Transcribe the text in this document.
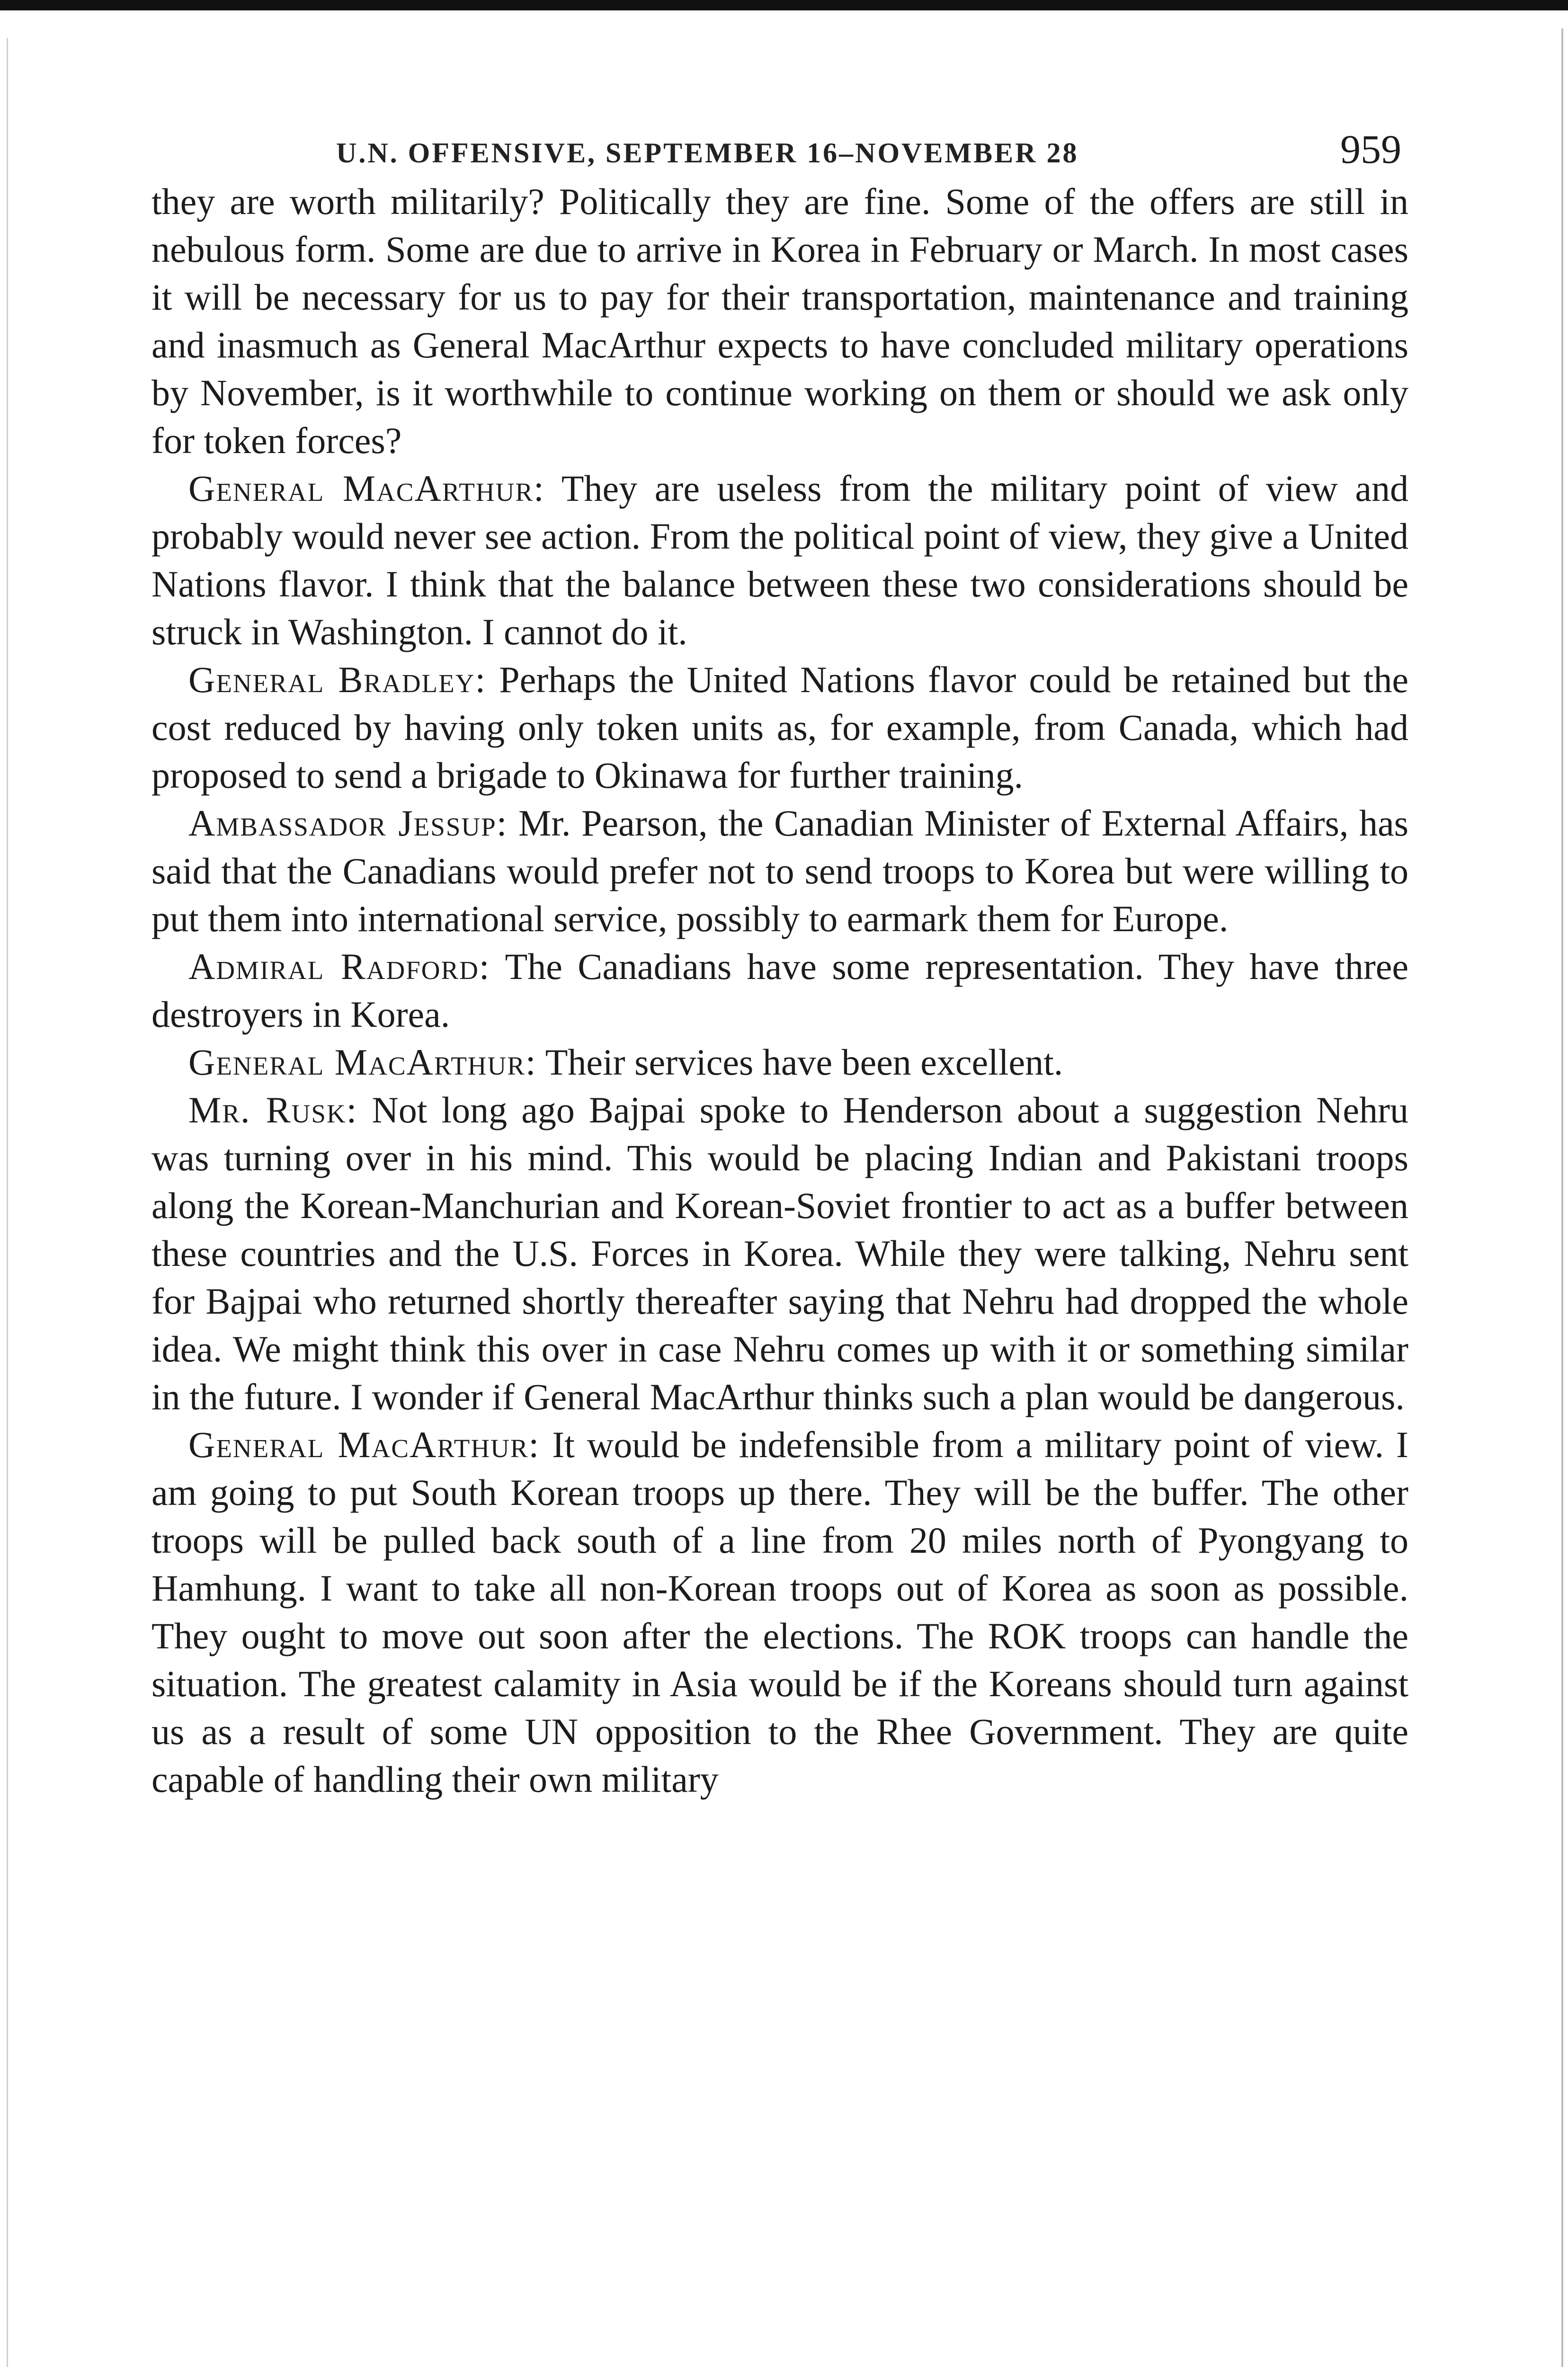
U.N. OFFENSIVE, SEPTEMBER 16–NOVEMBER 28	959

they are worth militarily? Politically they are fine. Some of the offers are still in nebulous form. Some are due to arrive in Korea in February or March. In most cases it will be necessary for us to pay for their transportation, maintenance and training and inasmuch as General MacArthur expects to have concluded military operations by November, is it worthwhile to continue working on them or should we ask only for token forces?

General MacArthur: They are useless from the military point of view and probably would never see action. From the political point of view, they give a United Nations flavor. I think that the balance between these two considerations should be struck in Washington. I cannot do it.

General Bradley: Perhaps the United Nations flavor could be retained but the cost reduced by having only token units as, for example, from Canada, which had proposed to send a brigade to Okinawa for further training.

Ambassador Jessup: Mr. Pearson, the Canadian Minister of External Affairs, has said that the Canadians would prefer not to send troops to Korea but were willing to put them into international service, possibly to earmark them for Europe.

Admiral Radford: The Canadians have some representation. They have three destroyers in Korea.

General MacArthur: Their services have been excellent.

Mr. Rusk: Not long ago Bajpai spoke to Henderson about a suggestion Nehru was turning over in his mind. This would be placing Indian and Pakistani troops along the Korean-Manchurian and Korean-Soviet frontier to act as a buffer between these countries and the U.S. Forces in Korea. While they were talking, Nehru sent for Bajpai who returned shortly thereafter saying that Nehru had dropped the whole idea. We might think this over in case Nehru comes up with it or something similar in the future. I wonder if General MacArthur thinks such a plan would be dangerous.

General MacArthur: It would be indefensible from a military point of view. I am going to put South Korean troops up there. They will be the buffer. The other troops will be pulled back south of a line from 20 miles north of Pyongyang to Hamhung. I want to take all non-Korean troops out of Korea as soon as possible. They ought to move out soon after the elections. The ROK troops can handle the situation. The greatest calamity in Asia would be if the Koreans should turn against us as a result of some UN opposition to the Rhee Government. They are quite capable of handling their own military
